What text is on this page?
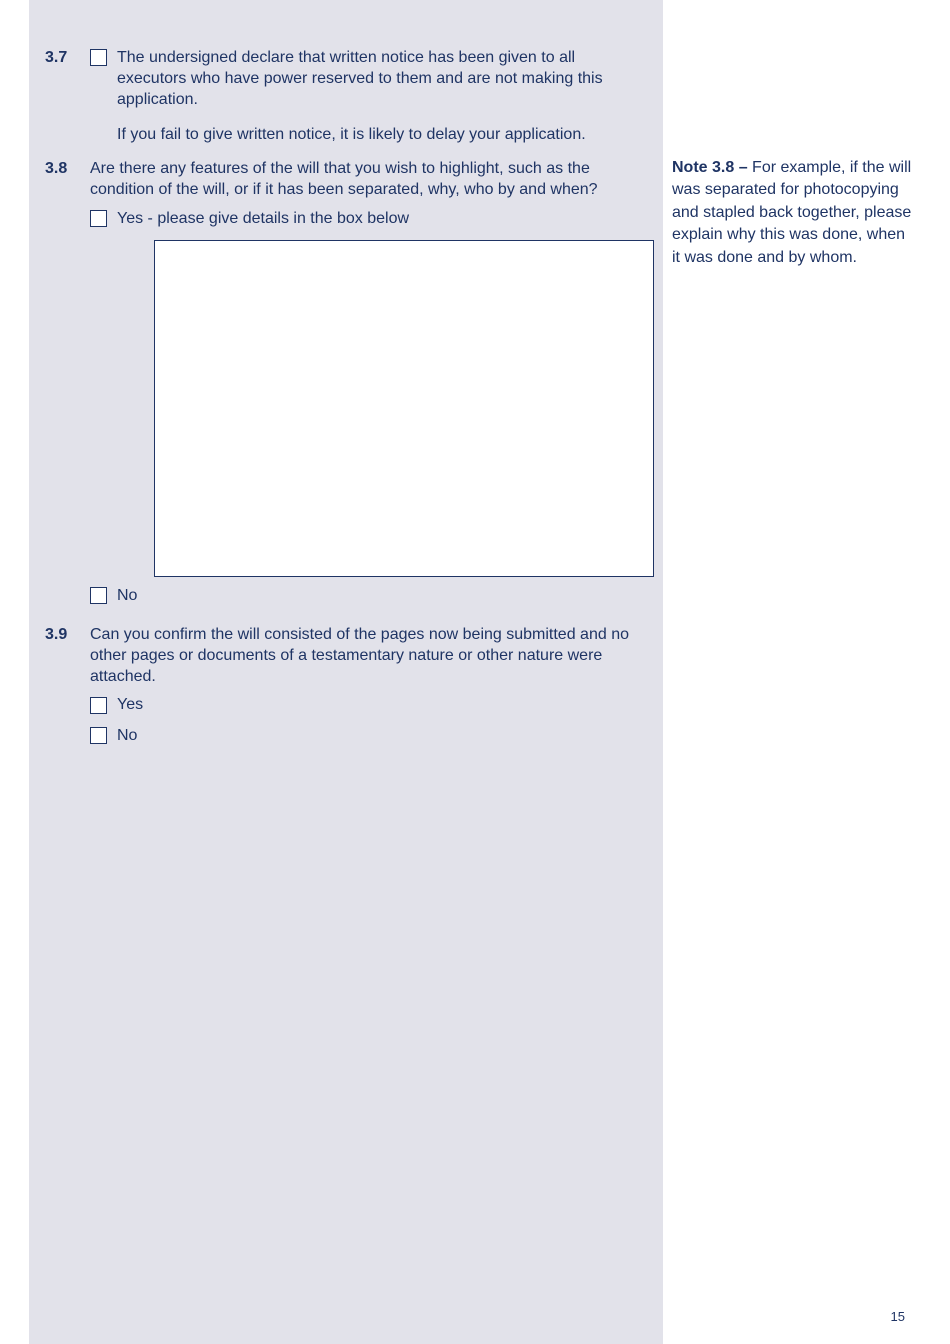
3.7	The undersigned declare that written notice has been given to all executors who have power reserved to them and are not making this application.
If you fail to give written notice, it is likely to delay your application.
3.8 Are there any features of the will that you wish to highlight, such as the condition of the will, or if it has been separated, why, who by and when?
Yes - please give details in the box below
No
3.9 Can you confirm the will consisted of the pages now being submitted and no other pages or documents of a testamentary nature or other nature were attached.
Yes
No
Note 3.8 – For example, if the will was separated for photocopying and stapled back together, please explain why this was done, when it was done and by whom.
15
